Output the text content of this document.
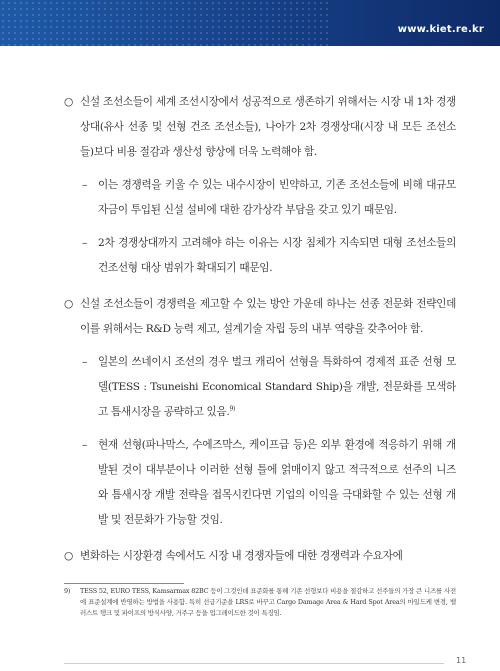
www.kiet.re.kr
○ 신설 조선소들이 세계 조선시장에서 성공적으로 생존하기 위해서는 시장 내 1차 경쟁상대(유사 선종 및 선형 건조 조선소들), 나아가 2차 경쟁상대(시장 내 모든 조선소들)보다 비용 절감과 생산성 향상에 더욱 노력해야 함.
– 이는 경쟁력을 키울 수 있는 내수시장이 빈약하고, 기존 조선소들에 비해 대규모 자금이 투입된 신설 설비에 대한 감가상각 부담을 갖고 있기 때문임.
– 2차 경쟁상대까지 고려해야 하는 이유는 시장 침체가 지속되면 대형 조선소들의 건조선형 대상 범위가 확대되기 때문임.
○ 신설 조선소들이 경쟁력을 제고할 수 있는 방안 가운데 하나는 선종 전문화 전략인데 이를 위해서는 R&D 능력 제고, 설계기술 자립 등의 내부 역량을 갖추어야 함.
– 일본의 쓰네이시 조선의 경우 벌크 캐리어 선형을 특화하여 경제적 표준 선형 모델(TESS : Tsuneishi Economical Standard Ship)을 개발, 전문화를 모색하고 틈새시장을 공략하고 있음.$^{9)}$
– 현재 선형(파나막스, 수에즈막스, 케이프급 등)은 외부 환경에 적응하기 위해 개발된 것이 대부분이나 이러한 선형 틀에 얽매이지 않고 적극적으로 선주의 니즈와 틈새시장 개발 전략을 접목시킨다면 기업의 이익을 극대화할 수 있는 선형 개발 및 전문화가 가능할 것임.
○ 변화하는 시장환경 속에서도 시장 내 경쟁자들에 대한 경쟁력과 수요자에
9)	TESS 52, EURO TESS, Kamsarmax 82BC 등이 그것인데 표준화를 통해 기존 선형보다 비용을 절감하고 선주들의 가장 큰 니즈를 사전에 표준설계에 반영하는 방법을 사용함. 특히 선급기준을 LRS로 바꾸고 Cargo Damage Area & Hard Spot Area의 마일드케 변경, 밸러스트 탱크 및 파이프의 방식사양, 거주구 등을 업그레이드한 것이 특징임.
11
